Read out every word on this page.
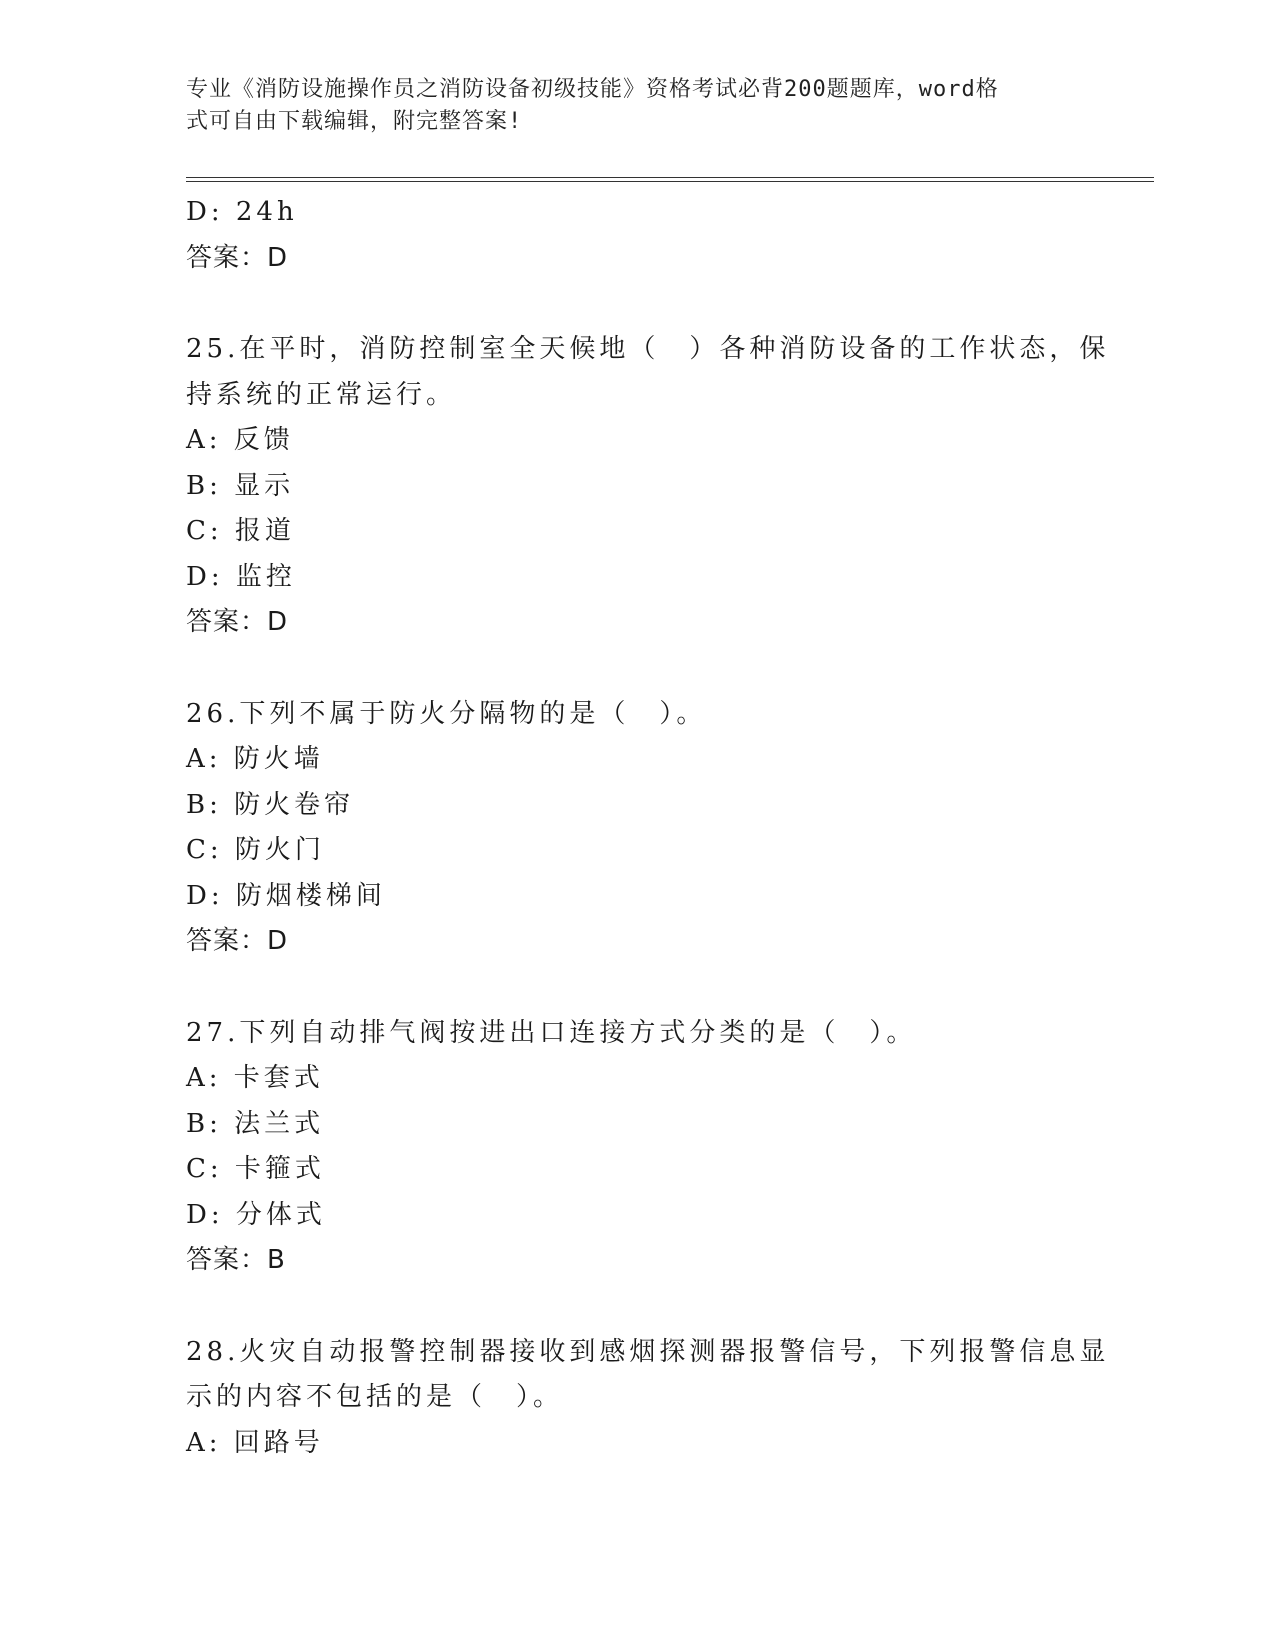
专业《消防设施操作员之消防设备初级技能》资格考试必背200题题库，word格
式可自由下载编辑，附完整答案!
D: 24h
答案：D
25.在平时，消防控制室全天候地（　）各种消防设备的工作状态，保
持系统的正常运行。
A: 反馈
B: 显示
C: 报道
D: 监控
答案：D
26.下列不属于防火分隔物的是（　）。
A: 防火墙
B: 防火卷帘
C: 防火门
D: 防烟楼梯间
答案：D
27.下列自动排气阀按进出口连接方式分类的是（　）。
A: 卡套式
B: 法兰式
C: 卡箍式
D: 分体式
答案：B
28.火灾自动报警控制器接收到感烟探测器报警信号，下列报警信息显
示的内容不包括的是（　）。
A: 回路号
